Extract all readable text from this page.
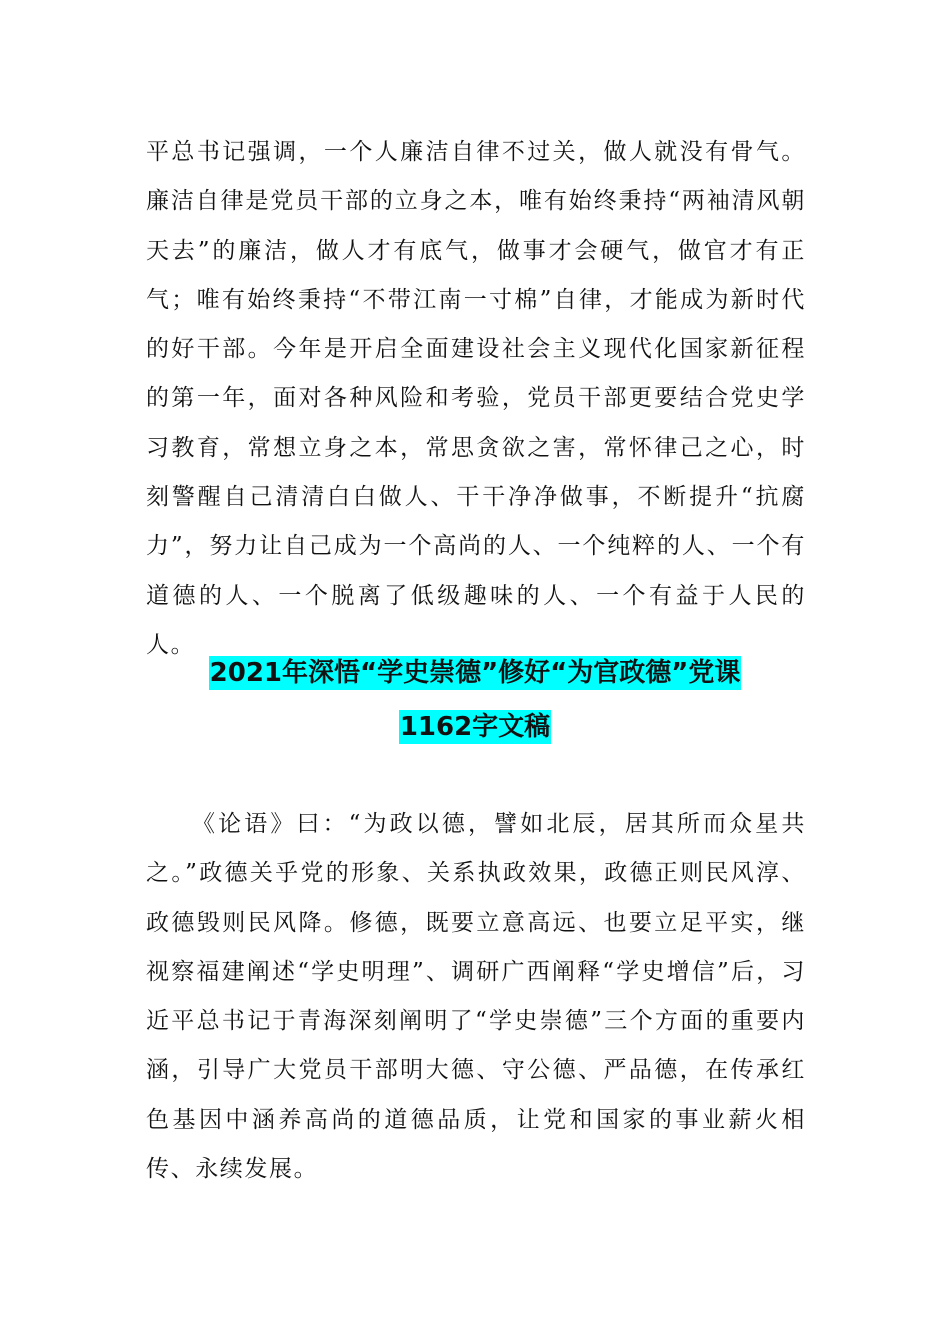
平总书记强调，一个人廉洁自律不过关，做人就没有骨气。廉洁自律是党员干部的立身之本，唯有始终秉持“两袖清风朝天去”的廉洁，做人才有底气，做事才会硬气，做官才有正气；唯有始终秉持“不带江南一寸棉”自律，才能成为新时代的好干部。今年是开启全面建设社会主义现代化国家新征程的第一年，面对各种风险和考验，党员干部更要结合党史学习教育，常想立身之本，常思贪欲之害，常怀律己之心，时刻警醒自己清清白白做人、干干净净做事，不断提升“抗腐力”，努力让自己成为一个高尚的人、一个纯粹的人、一个有道德的人、一个脱离了低级趣味的人、一个有益于人民的人。

2021年深悟“学史崇德”修好“为官政德”党课
1162字文稿

《论语》曰：“为政以德，譬如北辰，居其所而众星共之。”政德关乎党的形象、关系执政效果，政德正则民风淳、政德毁则民风降。修德，既要立意高远、也要立足平实，继视察福建阐述“学史明理”、调研广西阐释“学史增信”后，习近平总书记于青海深刻阐明了“学史崇德”三个方面的重要内涵，引导广大党员干部明大德、守公德、严品德，在传承红色基因中涵养高尚的道德品质，让党和国家的事业薪火相传、永续发展。
